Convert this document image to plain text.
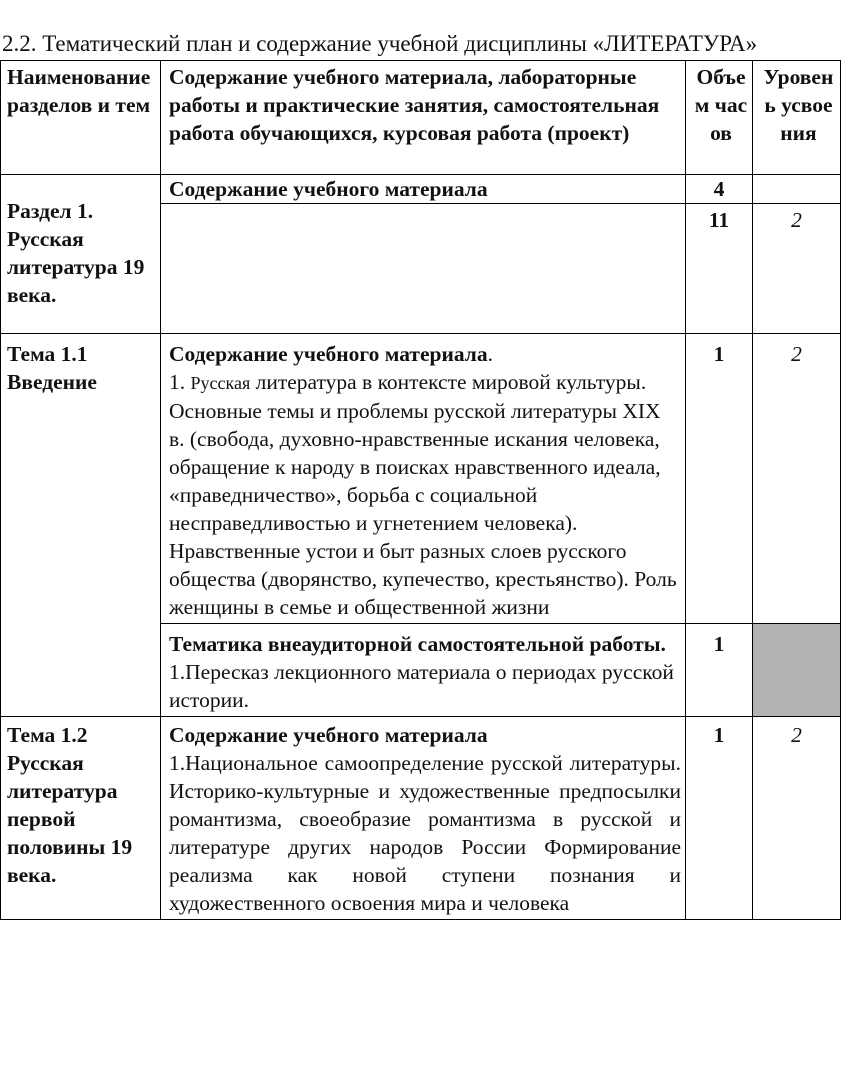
2.2. Тематический план и содержание учебной дисциплины «ЛИТЕРАТУРА»
Наименование разделов и тем	Содержание учебного материала, лабораторные работы и практические занятия, самостоятельная работа обучающихся, курсовая работа (проект)	Объем часов	Уровень усвоения
Раздел 1. Русская литература 19 века.	Содержание учебного материала	4	
		11	2
Тема 1.1 Введение	Содержание учебного материала.
1. Русская литература в контексте мировой культуры.
Основные темы и проблемы русской литературы XIX в. (свобода, духовно-нравственные искания человека, обращение к народу в поисках нравственного идеала, «праведничество», борьба с социальной несправедливостью и угнетением человека).
Нравственные устои и быт разных слоев русского общества (дворянство, купечество, крестьянство). Роль женщины в семье и общественной жизни	1	2

	Тематика внеаудиторной самостоятельной работы.
1.Пересказ лекционного материала о периодах русской истории.	1	
Тема 1.2 Русская литература первой половины 19 века.	Содержание учебного материала
1.Национальное самоопределение русской литературы. Историко-культурные и художественные предпосылки романтизма, своеобразие романтизма в русской и литературе других народов России Формирование реализма как новой ступени познания и художественного освоения мира и человека	1	2
